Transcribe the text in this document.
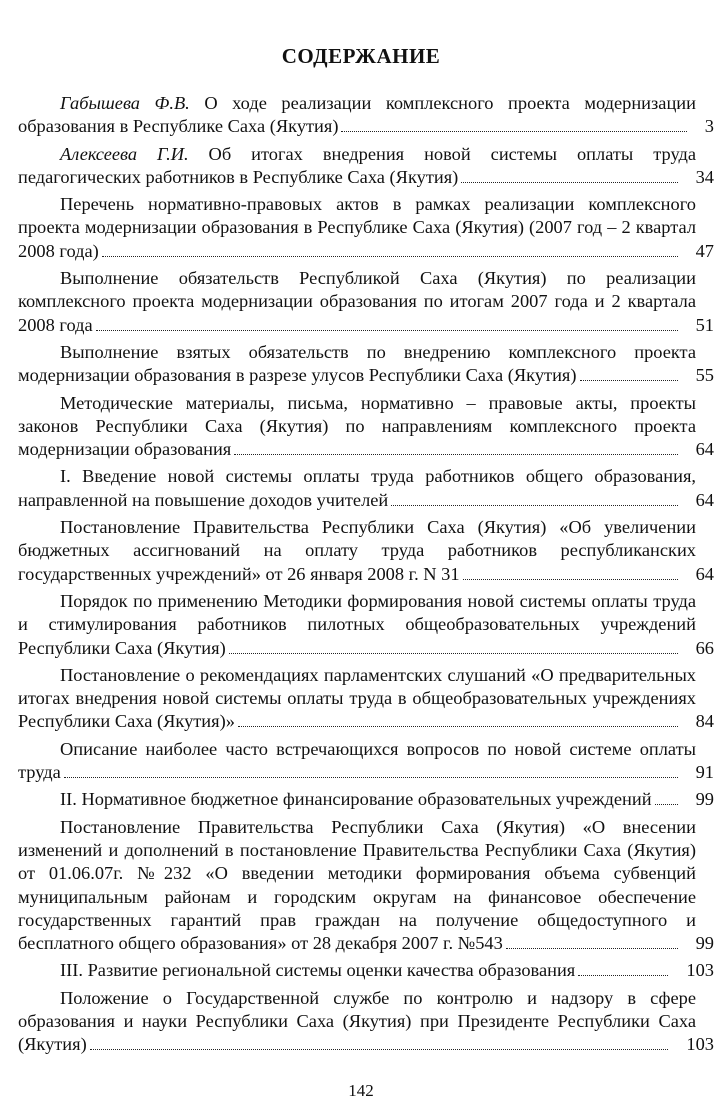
СОДЕРЖАНИЕ
Габышева Ф.В. О ходе реализации комплексного проекта модернизации образования в Республике Саха (Якутия)	3
Алексеева Г.И. Об итогах внедрения новой системы оплаты труда педагогических работников в Республике Саха (Якутия)	34
Перечень нормативно-правовых актов в рамках реализации комплексного проекта модернизации образования в Республике Саха (Якутия) (2007 год – 2 квартал 2008 года)	47
Выполнение обязательств Республикой Саха (Якутия) по реализации комплексного проекта модернизации образования по итогам 2007 года и 2 квартала 2008 года	51
Выполнение взятых обязательств по внедрению комплексного проекта модернизации образования в разрезе улусов Республики Саха (Якутия)	55
Методические материалы, письма, нормативно – правовые акты, проекты законов Республики Саха (Якутия) по направлениям комплексного проекта модернизации образования	64
I. Введение новой системы оплаты труда работников общего образования, направленной на повышение доходов учителей	64
Постановление Правительства Республики Саха (Якутия) «Об увеличении бюджетных ассигнований на оплату труда работников республиканских государственных учреждений» от 26 января 2008 г. N 31	64
Порядок по применению Методики формирования новой системы оплаты труда и стимулирования работников пилотных общеобразовательных учреждений Республики Саха (Якутия)	66
Постановление о рекомендациях парламентских слушаний «О предварительных итогах внедрения новой системы оплаты труда в общеобразовательных учреждениях Республики Саха (Якутия)»	84
Описание наиболее часто встречающихся вопросов по новой системе оплаты труда	91
II. Нормативное бюджетное финансирование образовательных учреждений 99
Постановление Правительства Республики Саха (Якутия) «О внесении изменений и дополнений в постановление Правительства Республики Саха (Якутия) от 01.06.07г. №232 «О введении методики формирования объема субвенций муниципальным районам и городским округам на финансовое обеспечение государственных гарантий прав граждан на получение общедоступного и бесплатного общего образования» от 28 декабря 2007 г. №543	99
III. Развитие региональной системы оценки качества образования	103
Положение о Государственной службе по контролю и надзору в сфере образования и науки Республики Саха (Якутия) при Президенте Республики Саха (Якутия)	103
142
